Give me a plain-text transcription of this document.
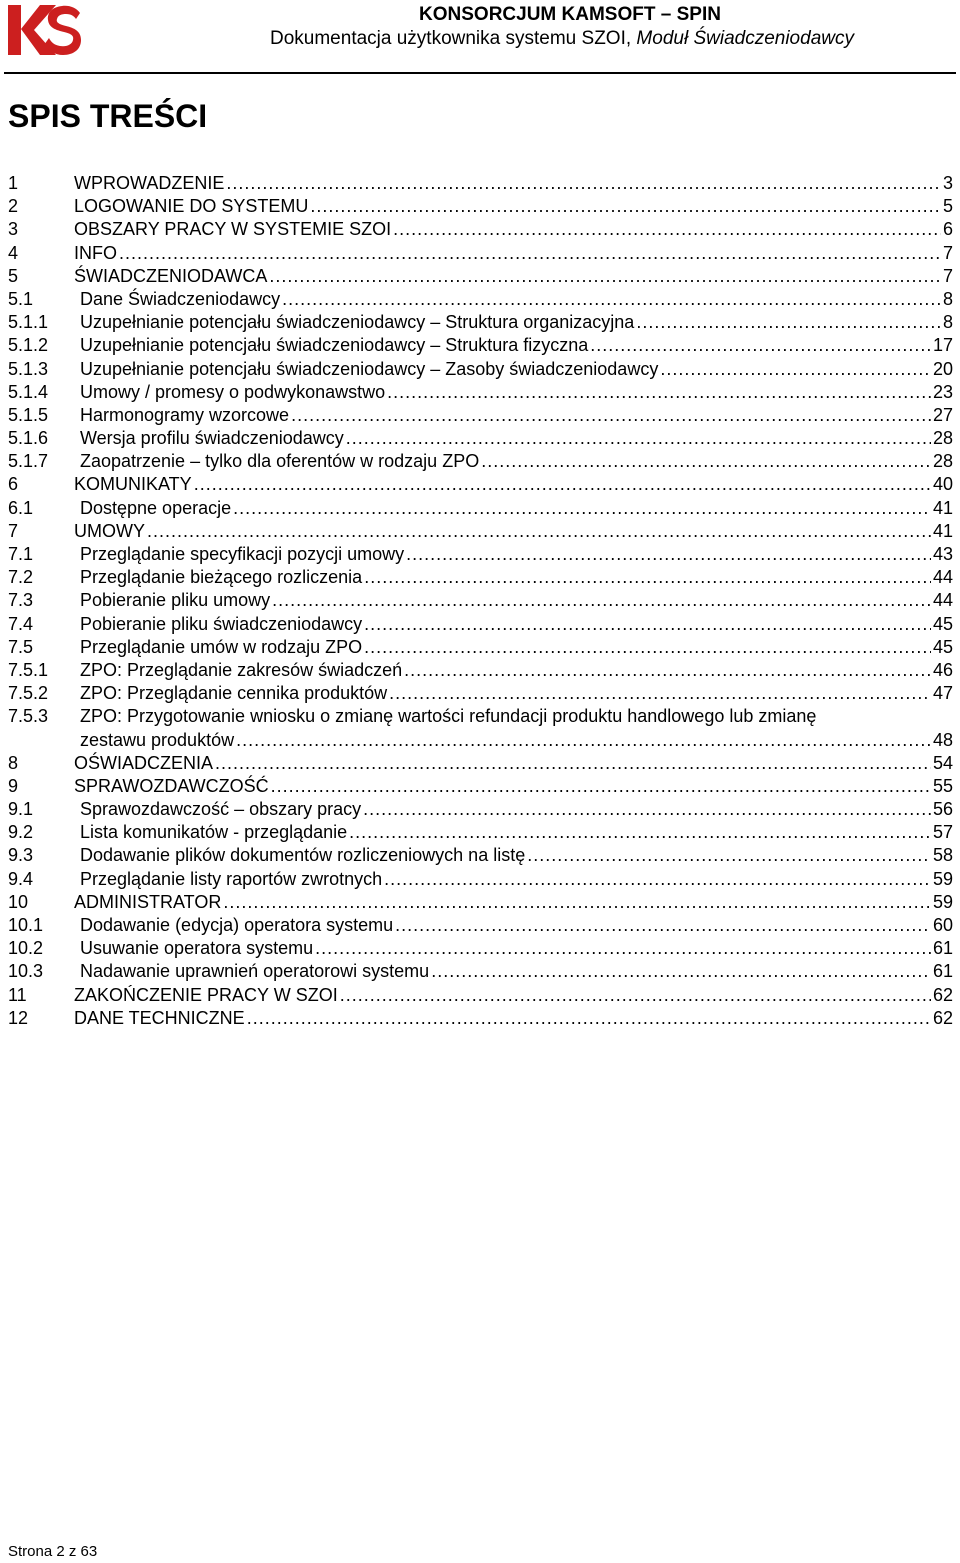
KONSORCJUM KAMSOFT – SPIN
Dokumentacja użytkownika systemu SZOI, Moduł Świadczeniodawcy
SPIS TREŚCI
1	WPROWADZENIE . . .	3
2	LOGOWANIE DO SYSTEMU . . .	5
3	OBSZARY PRACY W SYSTEMIE SZOI . . .	6
4	INFO . . .	7
5	ŚWIADCZENIODAWCA . . .	7
5.1	Dane Świadczeniodawcy . . .	8
5.1.1 Uzupełnianie potencjału świadczeniodawcy – Struktura organizacyjna . . .	8
5.1.2 Uzupełnianie potencjału świadczeniodawcy – Struktura fizyczna . . .	17
5.1.3 Uzupełnianie potencjału świadczeniodawcy – Zasoby świadczeniodawcy . . .	20
5.1.4 Umowy / promesy o podwykonawstwo . . .	23
5.1.5 Harmonogramy wzorcowe . . .	27
5.1.6 Wersja profilu świadczeniodawcy . . .	28
5.1.7 Zaopatrzenie – tylko dla oferentów w rodzaju ZPO . . .	28
6	KOMUNIKATY . . .	40
6.1	Dostępne operacje . . .	41
7	UMOWY . . .	41
7.1	Przeglądanie specyfikacji pozycji umowy . . .	43
7.2	Przeglądanie bieżącego rozliczenia . . .	44
7.3	Pobieranie pliku umowy . . .	44
7.4	Pobieranie pliku świadczeniodawcy . . .	45
7.5	Przeglądanie umów w rodzaju ZPO . . .	45
7.5.1 ZPO: Przeglądanie zakresów świadczeń . . .	46
7.5.2 ZPO: Przeglądanie cennika produktów . . .	47
7.5.3 ZPO: Przygotowanie wniosku o zmianę wartości refundacji produktu handlowego lub zmianę
zestawu produktów . . .	48
8	OŚWIADCZENIA . . .	54
9	SPRAWOZDAWCZOŚĆ . . .	55
9.1	Sprawozdawczość – obszary pracy . . .	56
9.2	Lista komunikatów - przeglądanie . . .	57
9.3	Dodawanie plików dokumentów rozliczeniowych na listę . . .	58
9.4	Przeglądanie listy raportów zwrotnych . . .	59
10	ADMINISTRATOR . . .	59
10.1 Dodawanie (edycja) operatora systemu . . .	60
10.2 Usuwanie operatora systemu . . .	61
10.3 Nadawanie uprawnień operatorowi systemu . . .	61
11	ZAKOŃCZENIE PRACY W SZOI . . .	62
12	DANE TECHNICZNE . . .	62
Strona 2 z 63
